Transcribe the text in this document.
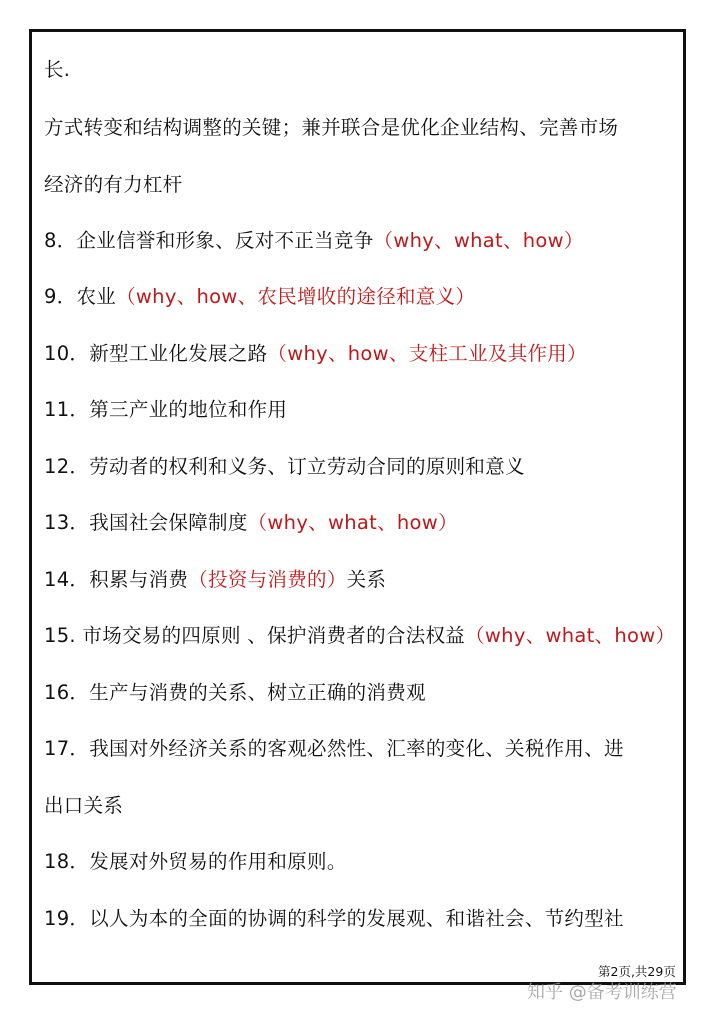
长.
方式转变和结构调整的关键；兼并联合是优化企业结构、完善市场
经济的有力杠杆
8．企业信誉和形象、反对不正当竞争（why、what、how）
9．农业（why、how、农民增收的途径和意义）
10．新型工业化发展之路（why、how、支柱工业及其作用）
11．第三产业的地位和作用
12．劳动者的权利和义务、订立劳动合同的原则和意义
13．我国社会保障制度（why、what、how）
14．积累与消费（投资与消费的）关系
15. 市场交易的四原则 、保护消费者的合法权益（why、what、how）
16．生产与消费的关系、树立正确的消费观
17．我国对外经济关系的客观必然性、汇率的变化、关税作用、进
出口关系
18．发展对外贸易的作用和原则。
19．以人为本的全面的协调的科学的发展观、和谐社会、节约型社
第2页,共29页
知乎 @备考训练营
